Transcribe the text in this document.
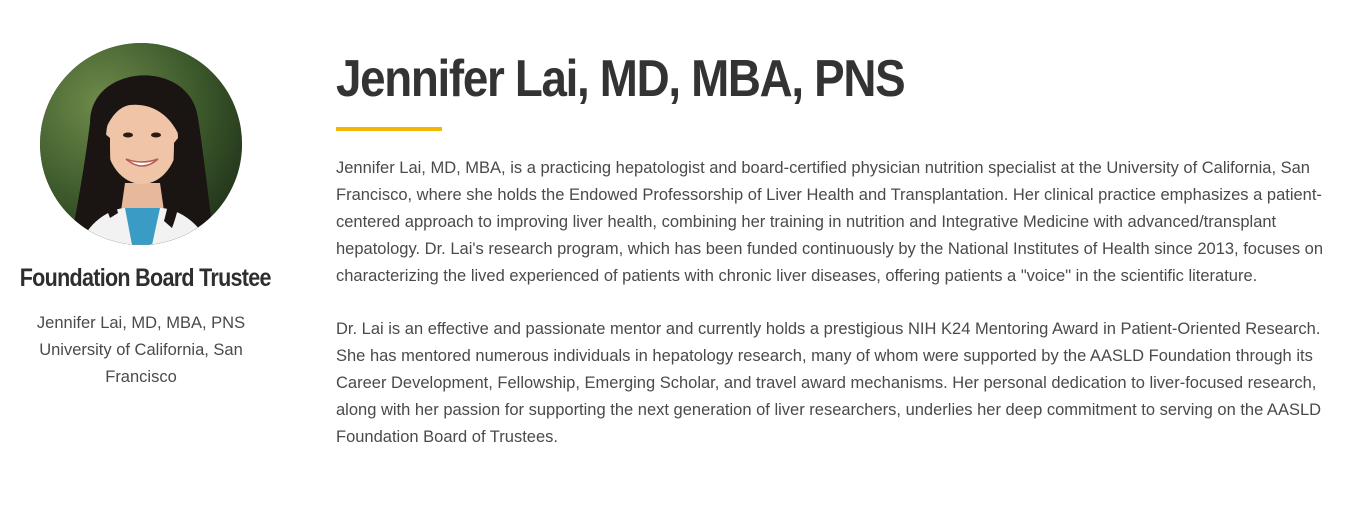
Foundation Board Trustee
Jennifer Lai, MD, MBA, PNS
University of California, San
Francisco
Jennifer Lai, MD, MBA, PNS

Jennifer Lai, MD, MBA, is a practicing hepatologist and board-certified physician nutrition specialist at the University of California, San Francisco, where she holds the Endowed Professorship of Liver Health and Transplantation. Her clinical practice emphasizes a patient-centered approach to improving liver health, combining her training in nutrition and Integrative Medicine with advanced/transplant hepatology. Dr. Lai's research program, which has been funded continuously by the National Institutes of Health since 2013, focuses on characterizing the lived experienced of patients with chronic liver diseases, offering patients a "voice" in the scientific literature.

Dr. Lai is an effective and passionate mentor and currently holds a prestigious NIH K24 Mentoring Award in Patient-Oriented Research. She has mentored numerous individuals in hepatology research, many of whom were supported by the AASLD Foundation through its Career Development, Fellowship, Emerging Scholar, and travel award mechanisms. Her personal dedication to liver-focused research, along with her passion for supporting the next generation of liver researchers, underlies her deep commitment to serving on the AASLD Foundation Board of Trustees.
